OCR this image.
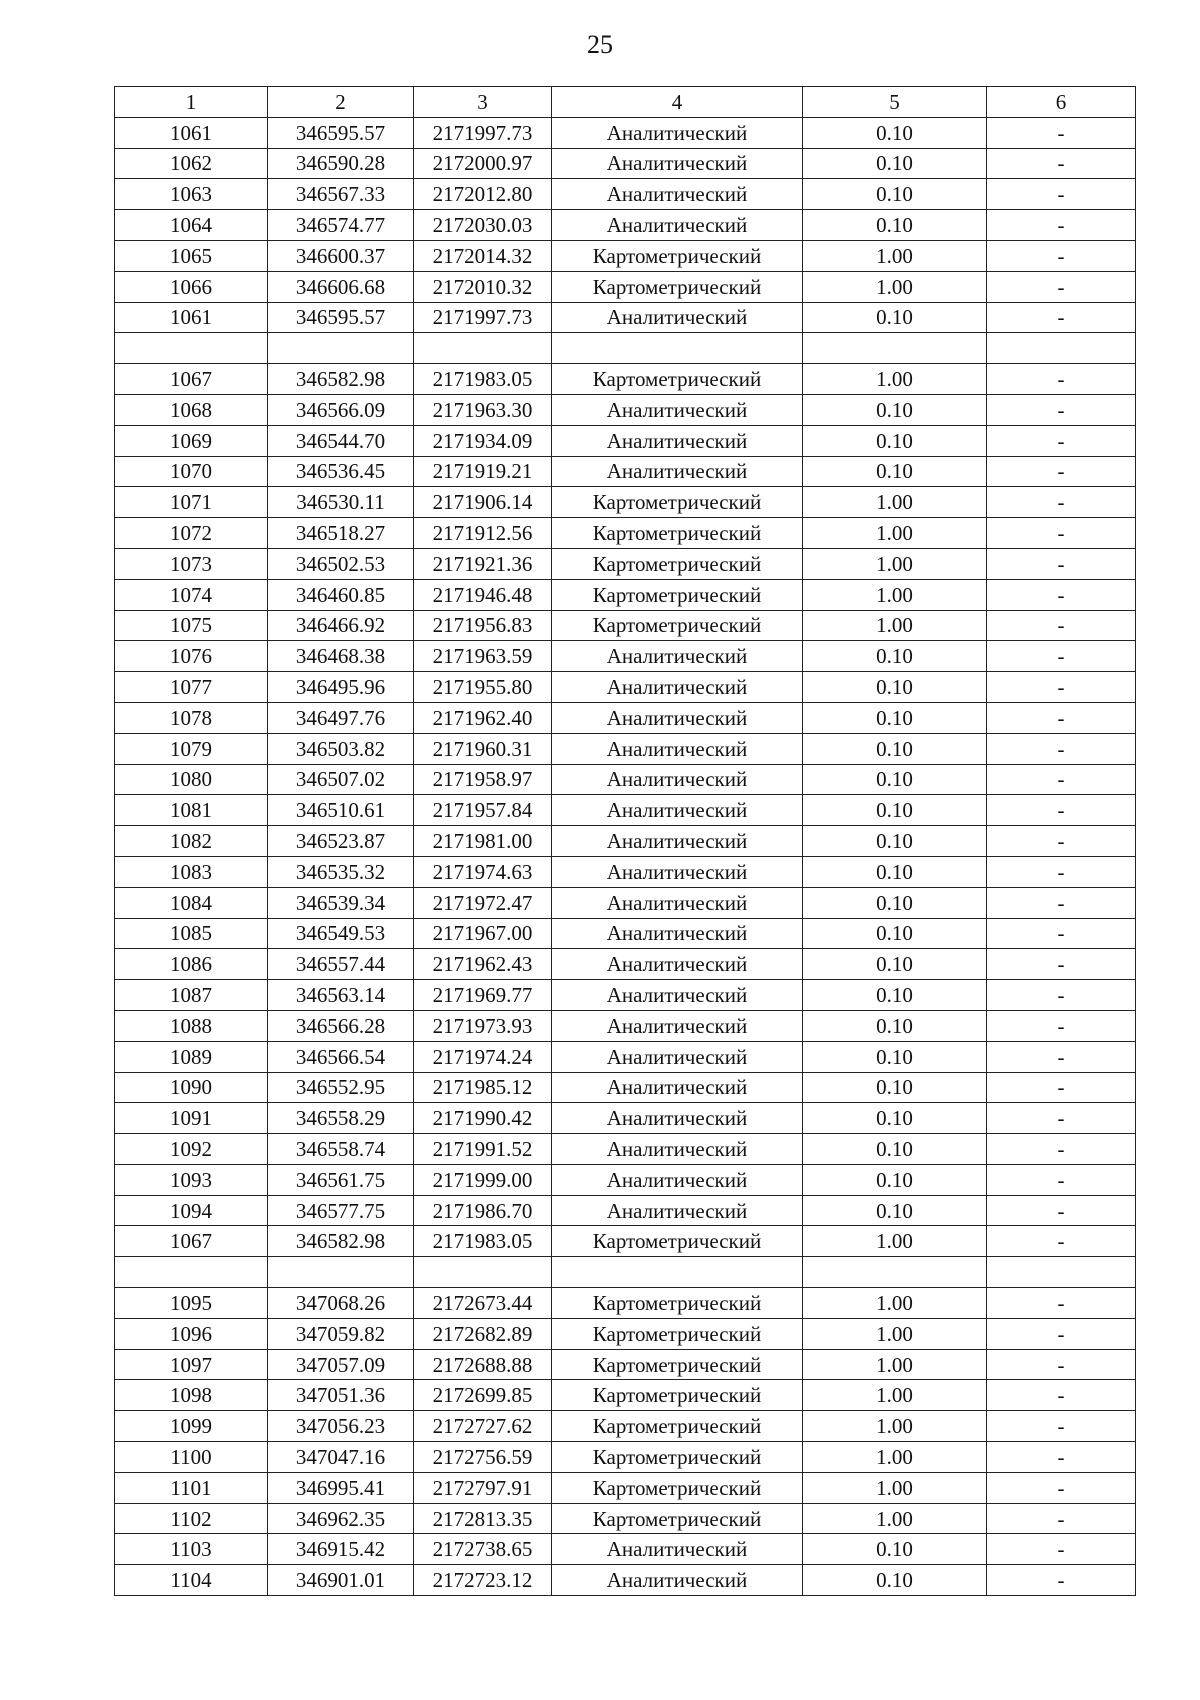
25
1	2	3	4	5	6
1061	346595.57	2171997.73	Аналитический	0.10	-
1062	346590.28	2172000.97	Аналитический	0.10	-
1063	346567.33	2172012.80	Аналитический	0.10	-
1064	346574.77	2172030.03	Аналитический	0.10	-
1065	346600.37	2172014.32	Картометрический	1.00	-
1066	346606.68	2172010.32	Картометрический	1.00	-
1061	346595.57	2171997.73	Аналитический	0.10	-

1067	346582.98	2171983.05	Картометрический	1.00	-
1068	346566.09	2171963.30	Аналитический	0.10	-
1069	346544.70	2171934.09	Аналитический	0.10	-
1070	346536.45	2171919.21	Аналитический	0.10	-
1071	346530.11	2171906.14	Картометрический	1.00	-
1072	346518.27	2171912.56	Картометрический	1.00	-
1073	346502.53	2171921.36	Картометрический	1.00	-
1074	346460.85	2171946.48	Картометрический	1.00	-
1075	346466.92	2171956.83	Картометрический	1.00	-
1076	346468.38	2171963.59	Аналитический	0.10	-
1077	346495.96	2171955.80	Аналитический	0.10	-
1078	346497.76	2171962.40	Аналитический	0.10	-
1079	346503.82	2171960.31	Аналитический	0.10	-
1080	346507.02	2171958.97	Аналитический	0.10	-
1081	346510.61	2171957.84	Аналитический	0.10	-
1082	346523.87	2171981.00	Аналитический	0.10	-
1083	346535.32	2171974.63	Аналитический	0.10	-
1084	346539.34	2171972.47	Аналитический	0.10	-
1085	346549.53	2171967.00	Аналитический	0.10	-
1086	346557.44	2171962.43	Аналитический	0.10	-
1087	346563.14	2171969.77	Аналитический	0.10	-
1088	346566.28	2171973.93	Аналитический	0.10	-
1089	346566.54	2171974.24	Аналитический	0.10	-
1090	346552.95	2171985.12	Аналитический	0.10	-
1091	346558.29	2171990.42	Аналитический	0.10	-
1092	346558.74	2171991.52	Аналитический	0.10	-
1093	346561.75	2171999.00	Аналитический	0.10	-
1094	346577.75	2171986.70	Аналитический	0.10	-
1067	346582.98	2171983.05	Картометрический	1.00	-

1095	347068.26	2172673.44	Картометрический	1.00	-
1096	347059.82	2172682.89	Картометрический	1.00	-
1097	347057.09	2172688.88	Картометрический	1.00	-
1098	347051.36	2172699.85	Картометрический	1.00	-
1099	347056.23	2172727.62	Картометрический	1.00	-
1100	347047.16	2172756.59	Картометрический	1.00	-
1101	346995.41	2172797.91	Картометрический	1.00	-
1102	346962.35	2172813.35	Картометрический	1.00	-
1103	346915.42	2172738.65	Аналитический	0.10	-
1104	346901.01	2172723.12	Аналитический	0.10	-
